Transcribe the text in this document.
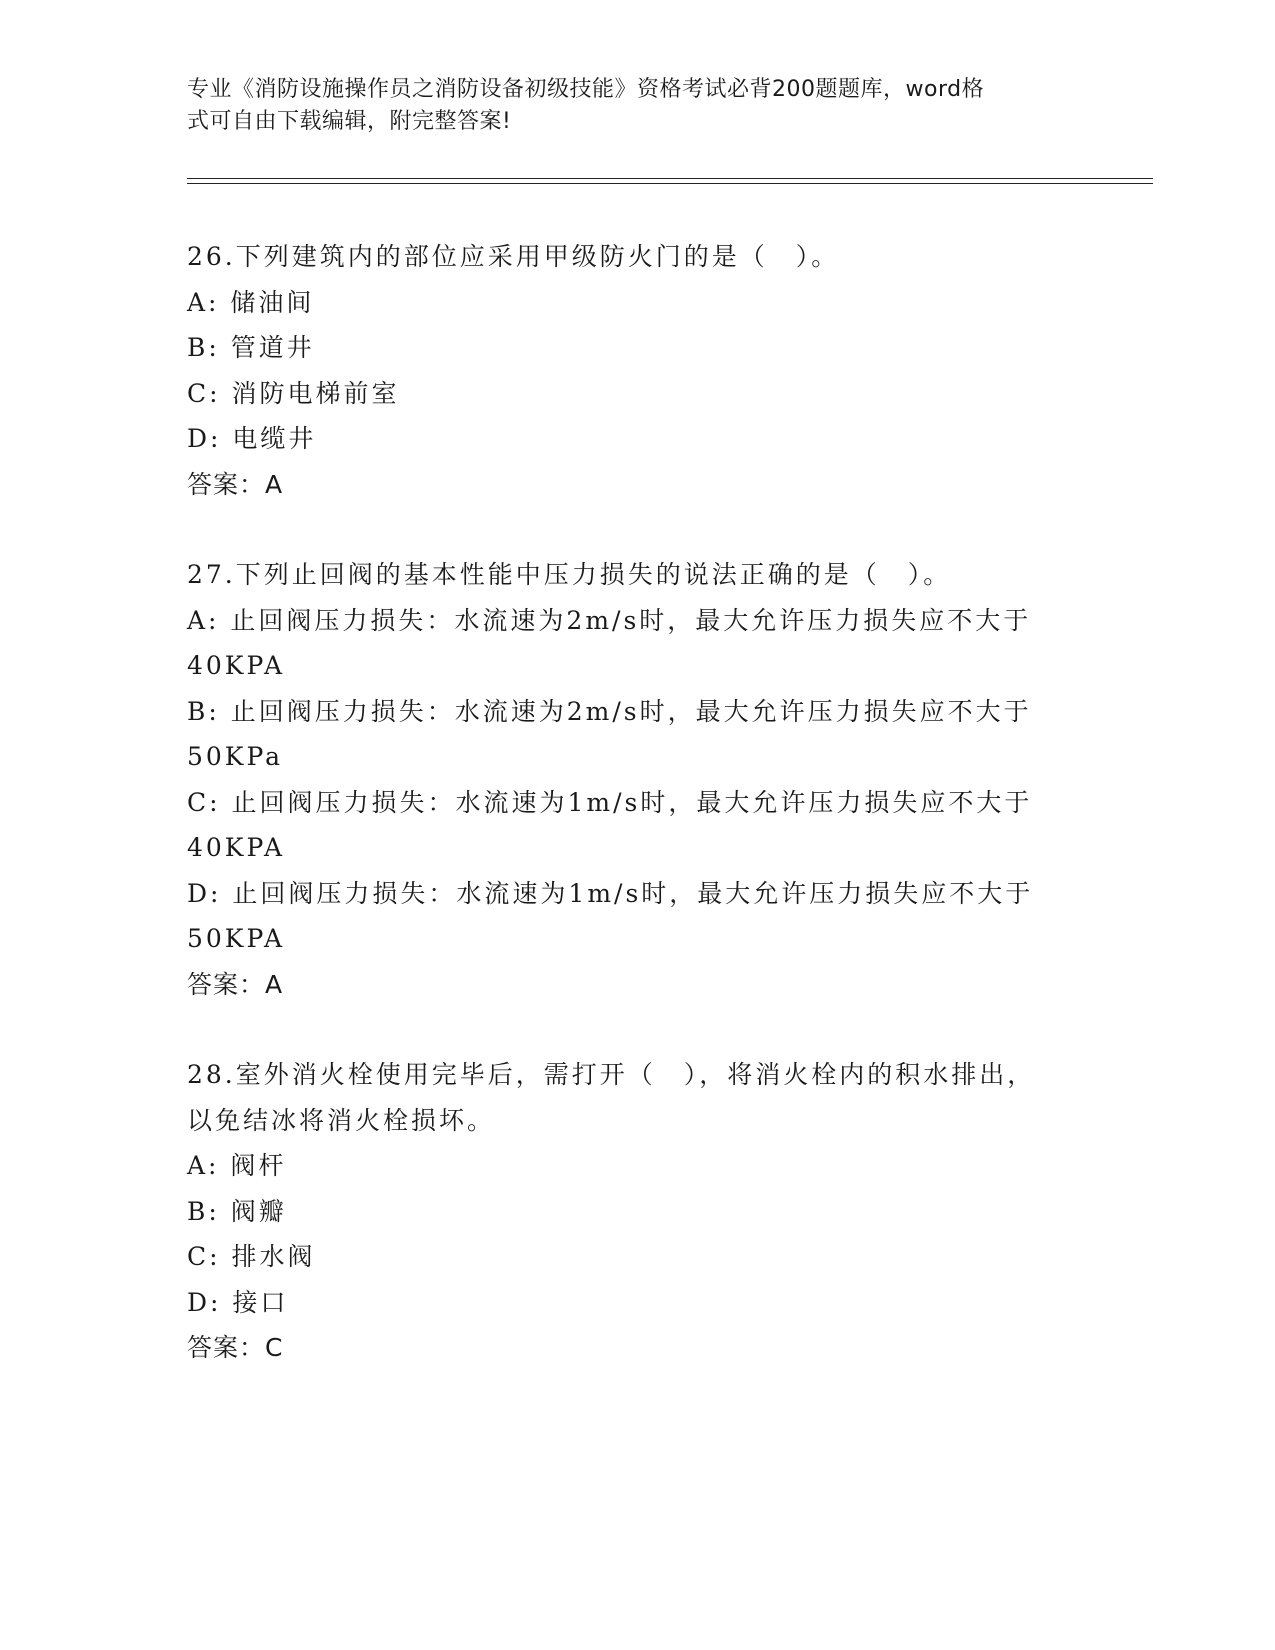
专业《消防设施操作员之消防设备初级技能》资格考试必背200题题库，word格
式可自由下载编辑，附完整答案!
26.下列建筑内的部位应采用甲级防火门的是（　）。
A: 储油间
B: 管道井
C: 消防电梯前室
D: 电缆井
答案：A
27.下列止回阀的基本性能中压力损失的说法正确的是（　）。
A: 止回阀压力损失：水流速为2m/s时，最大允许压力损失应不大于
40KPA
B: 止回阀压力损失：水流速为2m/s时，最大允许压力损失应不大于
50KPa
C: 止回阀压力损失：水流速为1m/s时，最大允许压力损失应不大于
40KPA
D: 止回阀压力损失：水流速为1m/s时，最大允许压力损失应不大于
50KPA
答案：A
28.室外消火栓使用完毕后，需打开（　），将消火栓内的积水排出，
以免结冰将消火栓损坏。
A: 阀杆
B: 阀瓣
C: 排水阀
D: 接口
答案：C
